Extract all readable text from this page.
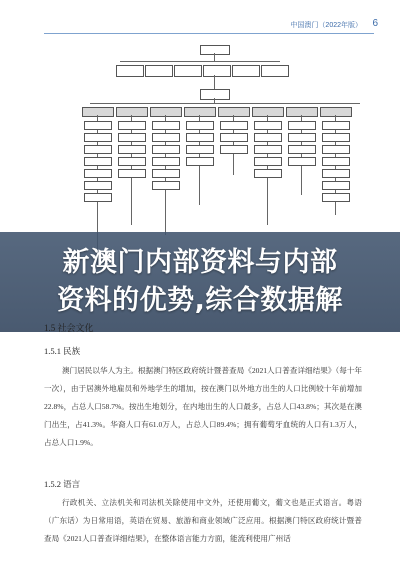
中国澳门（2022年版） 6
新澳门内部资料与内部
资料的优势,综合数据解
1.5 社会文化
1.5.1 民族
澳门居民以华人为主。根据澳门特区政府统计暨普查局《2021人口普查详细结果》（每十年一次），由于居澳外地雇员和外地学生的增加，按在澳门以外地方出生的人口比例较十年前增加22.8%，占总人口58.7%。按出生地划分，在内地出生的人口最多，占总人口43.8%；其次是在澳门出生，占41.3%。华裔人口有61.0万人，占总人口89.4%；拥有葡萄牙血统的人口有1.3万人，占总人口1.9%。
1.5.2 语言
行政机关、立法机关和司法机关除使用中文外，还使用葡文，葡文也是正式语言。粤语（广东话）为日常用语，英语在贸易、旅游和商业领域广泛应用。根据澳门特区政府统计暨普查局《2021人口普查详细结果》，在整体语言能力方面，能流利使用广州话
